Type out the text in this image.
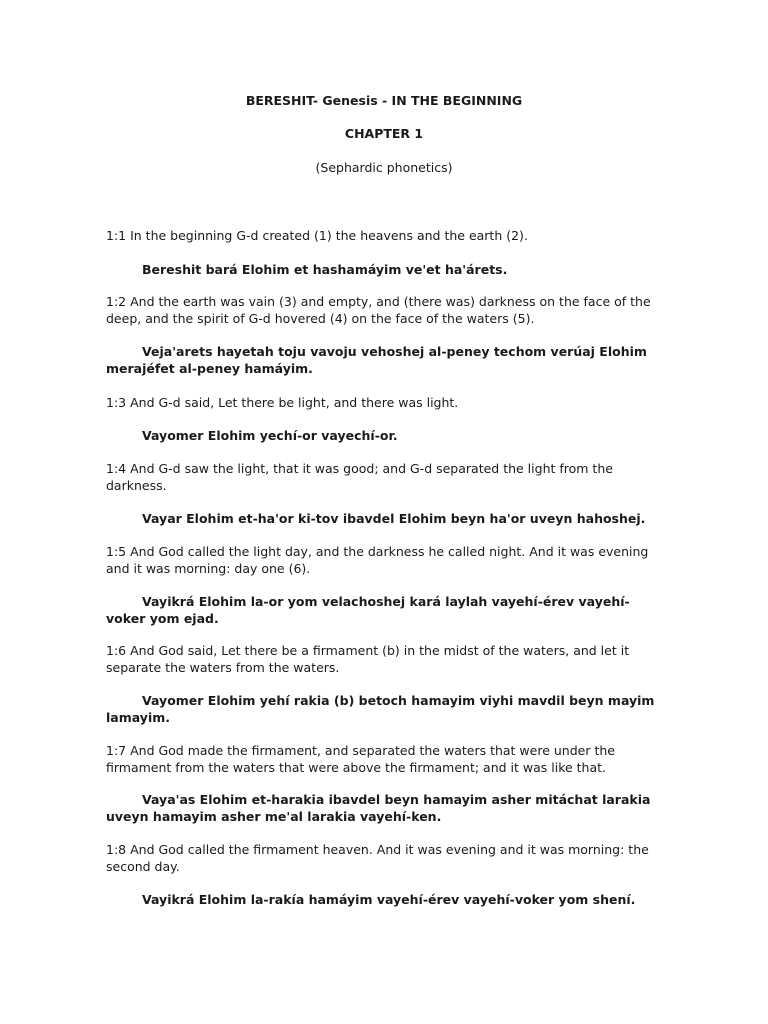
BERESHIT- Genesis - IN THE BEGINNING
CHAPTER 1
(Sephardic phonetics)
1:1 In the beginning G-d created (1) the heavens and the earth (2).
Bereshit bará Elohim et hashamáyim ve'et ha'árets.
1:2 And the earth was vain (3) and empty, and (there was) darkness on the face of the deep, and the spirit of G-d hovered (4) on the face of the waters (5).
Veja'arets hayetah toju vavoju vehoshej al-peney techom verúaj Elohim merajéfet al-peney hamáyim.
1:3 And G-d said, Let there be light, and there was light.
Vayomer Elohim yechí-or vayechí-or.
1:4 And G-d saw the light, that it was good; and G-d separated the light from the darkness.
Vayar Elohim et-ha'or ki-tov ibavdel Elohim beyn ha'or uveyn hahoshej.
1:5 And God called the light day, and the darkness he called night. And it was evening and it was morning: day one (6).
Vayikrá Elohim la-or yom velachoshej kará laylah vayehí-érev vayehí-voker yom ejad.
1:6 And God said, Let there be a firmament (b) in the midst of the waters, and let it separate the waters from the waters.
Vayomer Elohim yehí rakia (b) betoch hamayim viyhi mavdil beyn mayim lamayim.
1:7 And God made the firmament, and separated the waters that were under the firmament from the waters that were above the firmament; and it was like that.
Vaya'as Elohim et-harakia ibavdel beyn hamayim asher mitáchat larakia uveyn hamayim asher me'al larakia vayehí-ken.
1:8 And God called the firmament heaven. And it was evening and it was morning: the second day.
Vayikrá Elohim la-rakía hamáyim vayehí-érev vayehí-voker yom shení.
